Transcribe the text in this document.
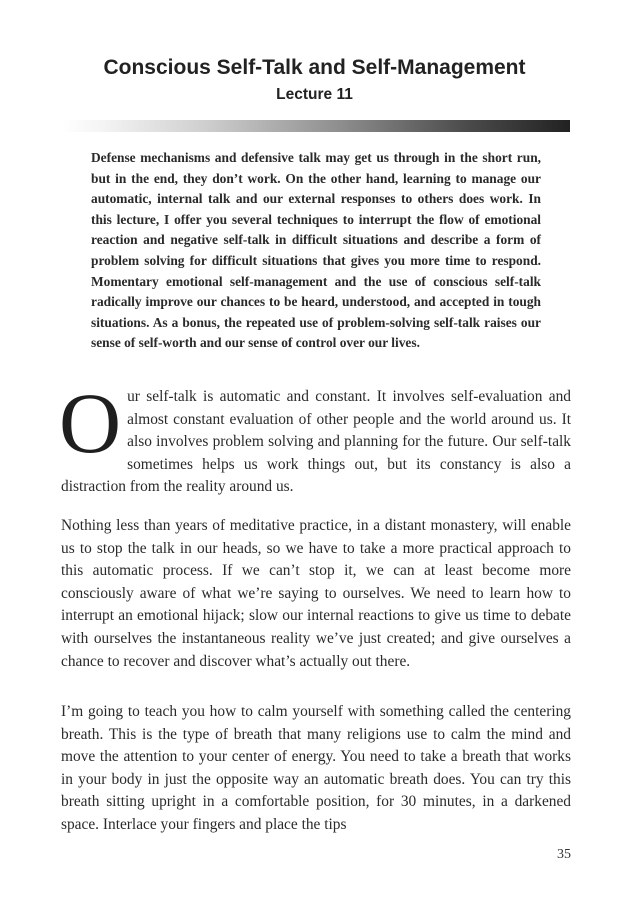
Conscious Self-Talk and Self-Management
Lecture 11

Defense mechanisms and defensive talk may get us through in the short run, but in the end, they don’t work. On the other hand, learning to manage our automatic, internal talk and our external responses to others does work. In this lecture, I offer you several techniques to interrupt the flow of emotional reaction and negative self-talk in difficult situations and describe a form of problem solving for difficult situations that gives you more time to respond. Momentary emotional self-management and the use of conscious self-talk radically improve our chances to be heard, understood, and accepted in tough situations. As a bonus, the repeated use of problem-solving self-talk raises our sense of self-worth and our sense of control over our lives.

Our self-talk is automatic and constant. It involves self-evaluation and almost constant evaluation of other people and the world around us. It also involves problem solving and planning for the future. Our self-talk sometimes helps us work things out, but its constancy is also a distraction from the reality around us.

Nothing less than years of meditative practice, in a distant monastery, will enable us to stop the talk in our heads, so we have to take a more practical approach to this automatic process. If we can’t stop it, we can at least become more consciously aware of what we’re saying to ourselves. We need to learn how to interrupt an emotional hijack; slow our internal reactions to give us time to debate with ourselves the instantaneous reality we’ve just created; and give ourselves a chance to recover and discover what’s actually out there.

I’m going to teach you how to calm yourself with something called the centering breath. This is the type of breath that many religions use to calm the mind and move the attention to your center of energy. You need to take a breath that works in your body in just the opposite way an automatic breath does. You can try this breath sitting upright in a comfortable position, for 30 minutes, in a darkened space. Interlace your fingers and place the tips

35
